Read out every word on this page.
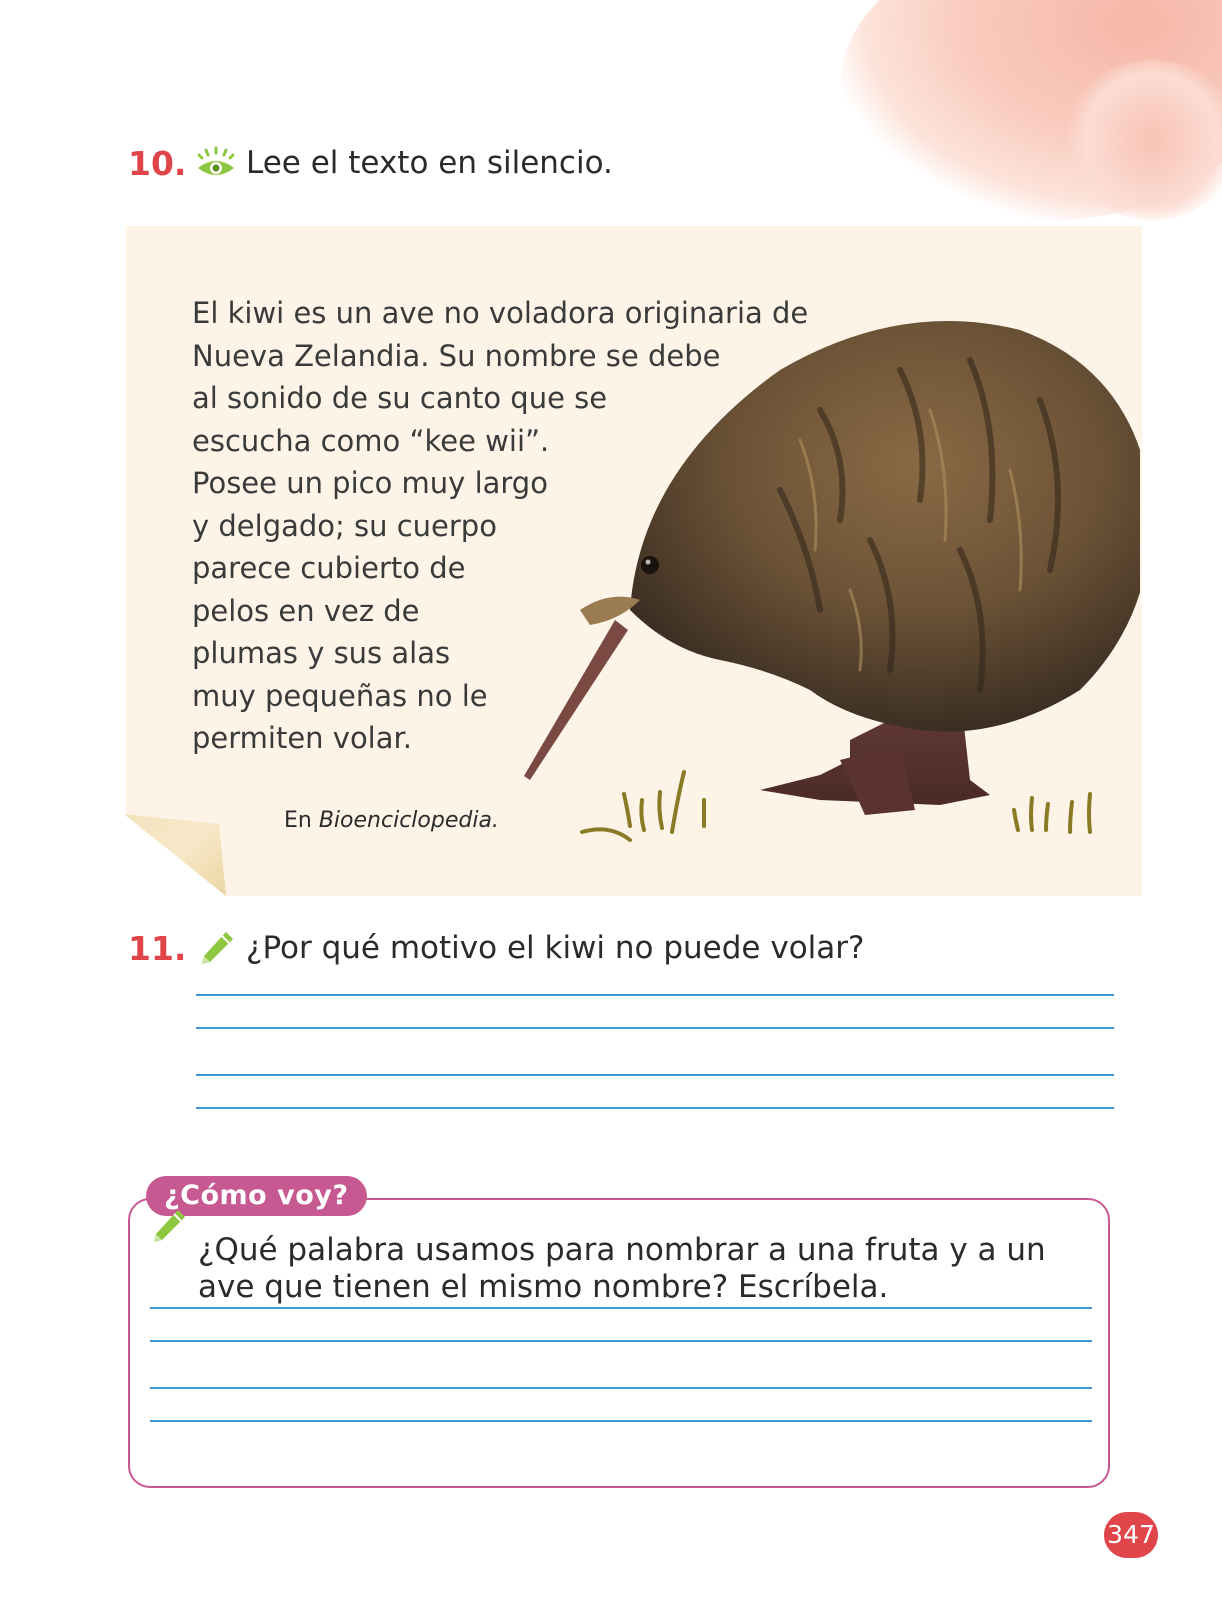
10.	Lee el texto en silencio.

El kiwi es un ave no voladora originaria de
Nueva Zelandia. Su nombre se debe
al sonido de su canto que se
escucha como “kee wii”.
Posee un pico muy largo
y delgado; su cuerpo
parece cubierto de
pelos en vez de
plumas y sus alas
muy pequeñas no le
permiten volar.

En Bioenciclopedia.
11.	¿Por qué motivo el kiwi no puede volar?
¿Cómo voy?
¿Qué palabra usamos para nombrar a una fruta y a un ave que tienen el mismo nombre? Escríbela.
347
